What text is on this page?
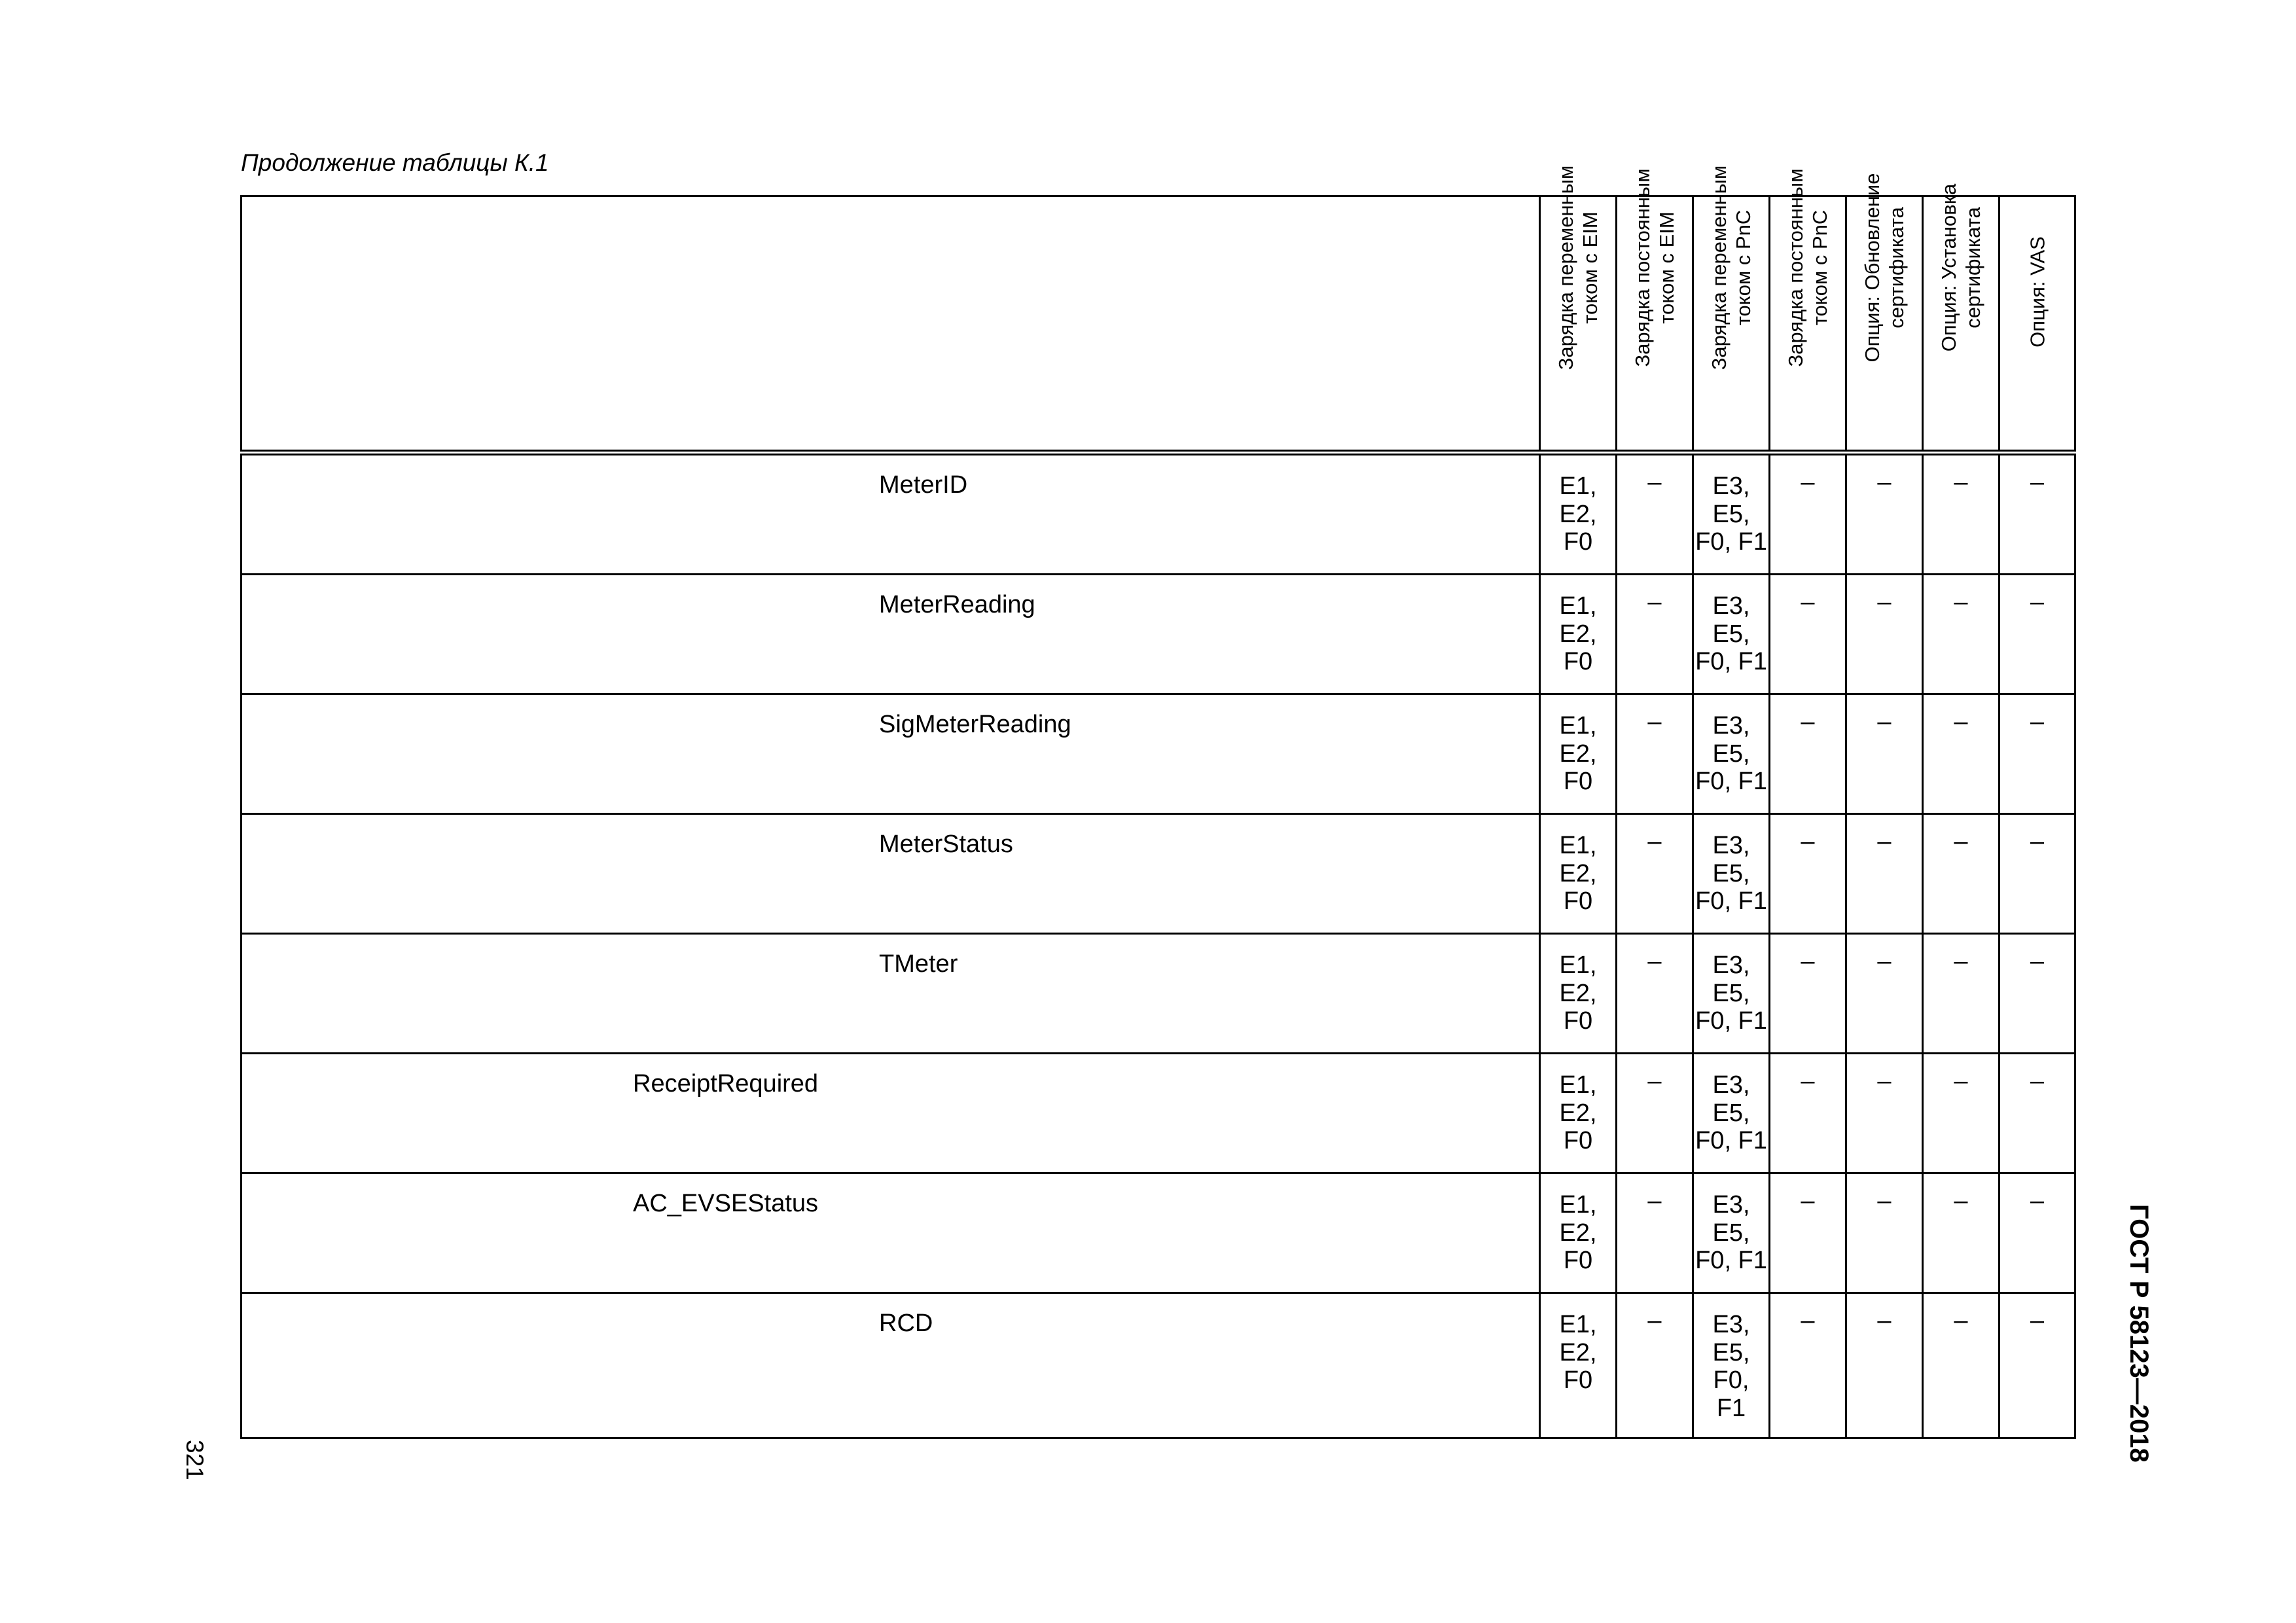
Продолжение таблицы К.1

	Зарядка переменным током с EIM	Зарядка постоянным током с EIM	Зарядка переменным током с PnC	Зарядка постоянным током с PnC	Опция: Обновление сертификата	Опция: Установка сертификата	Опция: VAS

MeterID	E1,
E2,
F0	–	E3,
E5,
F0, F1	–	–	–	–

MeterReading	E1,
E2,
F0	–	E3,
E5,
F0, F1	–	–	–	–

SigMeterReading	E1,
E2,
F0	–	E3,
E5,
F0, F1	–	–	–	–

MeterStatus	E1,
E2,
F0	–	E3,
E5,
F0, F1	–	–	–	–

TMeter	E1,
E2,
F0	–	E3,
E5,
F0, F1	–	–	–	–

ReceiptRequired	E1,
E2,
F0	–	E3,
E5,
F0, F1	–	–	–	–

AC_EVSEStatus	E1,
E2,
F0	–	E3,
E5,
F0, F1	–	–	–	–

RCD	E1,
E2,
F0	–	E3,
E5,
F0,
F1	–	–	–	–
321	ГОСТ Р 58123—2018
